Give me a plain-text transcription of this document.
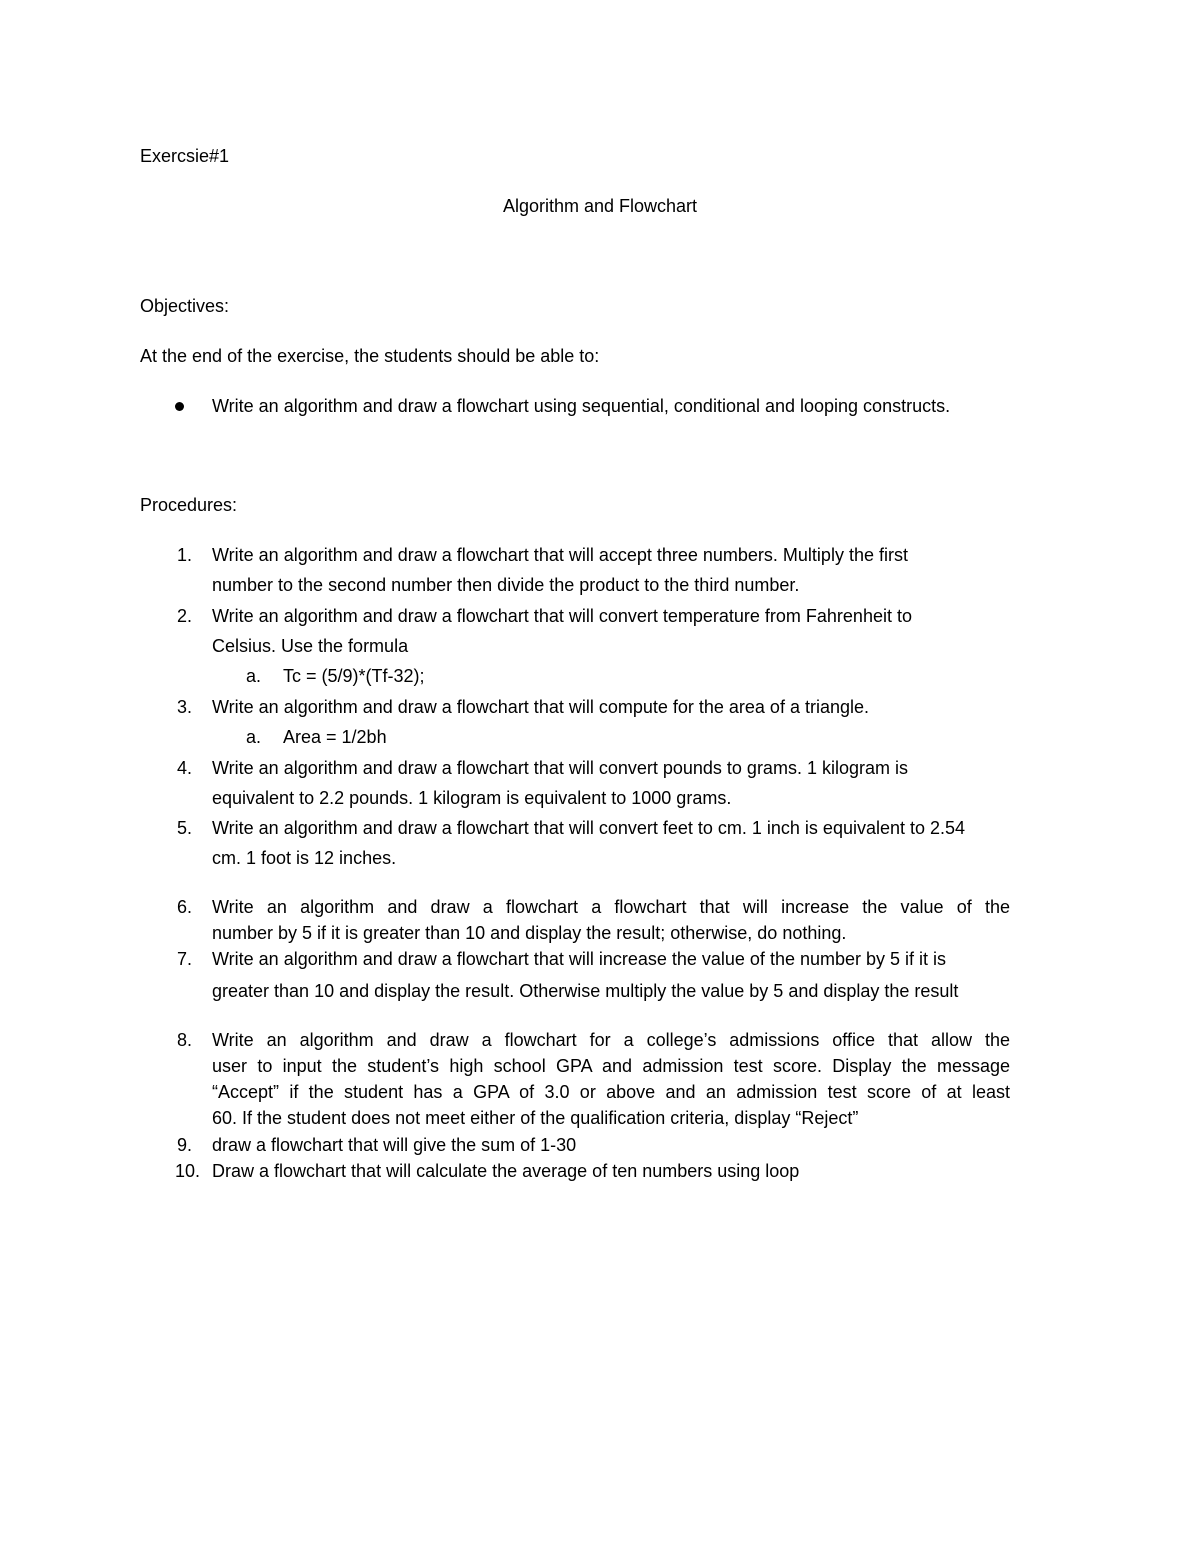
Exercsie#1
Algorithm and Flowchart
Objectives:
At the end of the exercise, the students should be able to:
Write an algorithm and draw a flowchart using sequential, conditional and looping constructs.
Procedures:
1. Write an algorithm and draw a flowchart that will accept three numbers. Multiply the first
number to the second number then divide the product to the third number.
2. Write an algorithm and draw a flowchart that will convert temperature from Fahrenheit to
Celsius. Use the formula
a. Tc = (5/9)*(Tf-32);
3. Write an algorithm and draw a flowchart that will compute for the area of a triangle.
a. Area = 1/2bh
4. Write an algorithm and draw a flowchart that will convert pounds to grams. 1 kilogram is
equivalent to 2.2 pounds. 1 kilogram is equivalent to 1000 grams.
5. Write an algorithm and draw a flowchart that will convert feet to cm. 1 inch is equivalent to 2.54
cm. 1 foot is 12 inches.
6. Write an algorithm and draw a flowchart a flowchart that will increase the value of the
number by 5 if it is greater than 10 and display the result; otherwise, do nothing.
7. Write an algorithm and draw a flowchart that will increase the value of the number by 5 if it is
greater than 10 and display the result. Otherwise multiply the value by 5 and display the result
8. Write an algorithm and draw a flowchart for a college’s admissions office that allow the
user to input the student’s high school GPA and admission test score. Display the message
“Accept” if the student has a GPA of 3.0 or above and an admission test score of at least
60. If the student does not meet either of the qualification criteria, display “Reject”
9. draw a flowchart that will give the sum of 1-30
10. Draw a flowchart that will calculate the average of ten numbers using loop
